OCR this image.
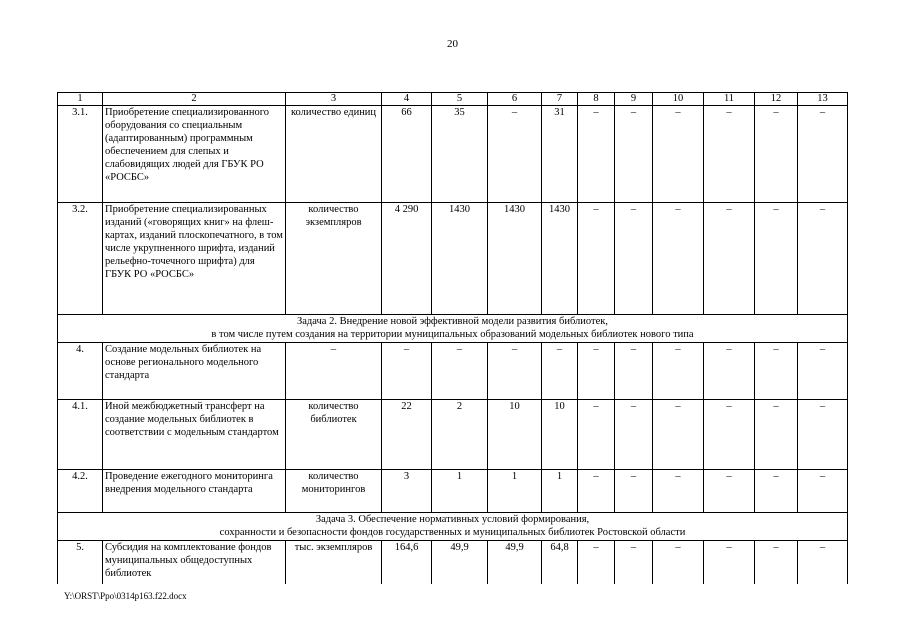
20
1	2	3	4	5	6	7	8	9	10	11	12	13
3.1.	Приобретение специализированного оборудования со специальным (адаптированным) программным обеспечением для слепых и слабовидящих людей для ГБУК РО «РОСБС»	количество единиц	66	35	–	31	–	–	–	–	–	–
3.2.	Приобретение специализированных изданий («говорящих книг» на флеш-картах, изданий плоскопечатного, в том числе укрупненного шрифта, изданий рельефно-точечного шрифта) для ГБУК РО «РОСБС»	количество экземпляров	4 290	1430	1430	1430	–	–	–	–	–	–

Задача 2. Внедрение новой эффективной модели развития библиотек,
в том числе путем создания на территории муниципальных образований модельных библиотек нового типа												

4.	Создание модельных библиотек на основе регионального модельного стандарта	–	–	–	–	–	–	–	–	–	–	–
4.1.	Иной межбюджетный трансферт на создание модельных библиотек в соответствии с модельным стандартом	количество библиотек	22	2	10	10	–	–	–	–	–	–
4.2.	Проведение ежегодного мониторинга внедрения модельного стандарта	количество мониторингов	3	1	1	1	–	–	–	–	–	–

Задача 3. Обеспечение нормативных условий формирования,
сохранности и безопасности фондов государственных и муниципальных библиотек Ростовской области												

5.	Субсидия на комплектование фондов муниципальных общедоступных библиотек	тыс. экземпляров	164,6	49,9	49,9	64,8	–	–	–	–	–	–
Y:\ORST\Ppo\0314p163.f22.docx
